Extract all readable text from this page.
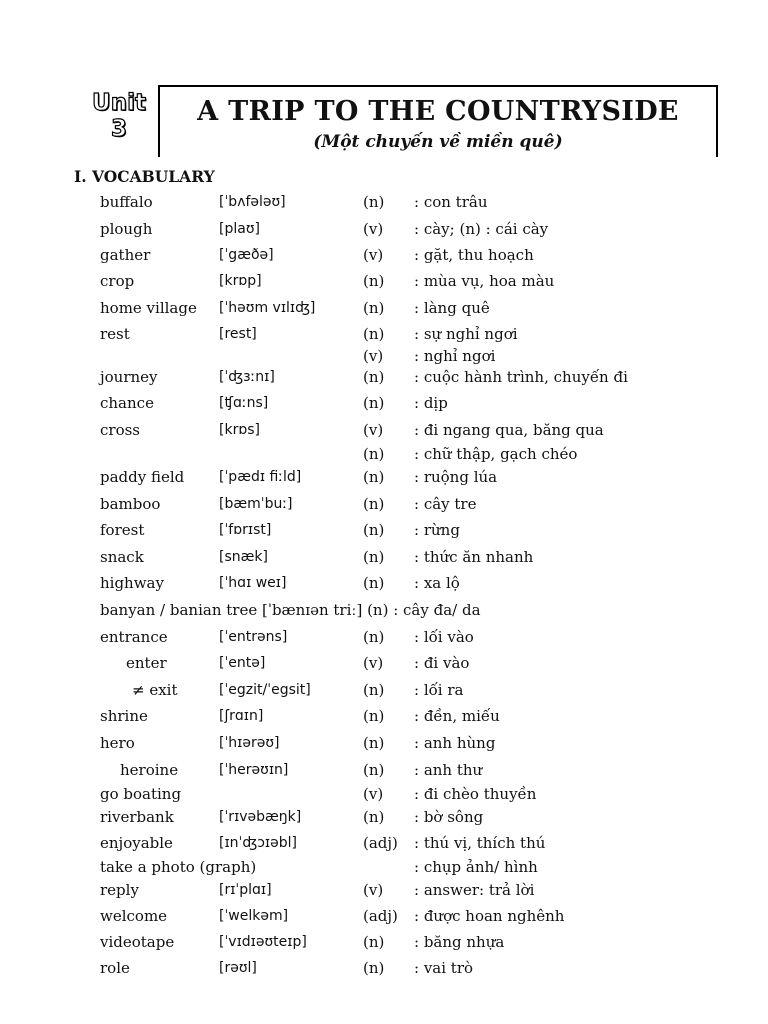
Unit
3
A TRIP TO THE COUNTRYSIDE
(Một chuyến về miền quê)
I. VOCABULARY
buffalo	[ˈbʌfələʊ]	(n) : con trâu
plough	[plaʊ]	(v) : cày; (n) : cái cày
gather	[ˈgæðə]	(v) : gặt, thu hoạch
crop	[krɒp]	(n) : mùa vụ, hoa màu
home village [ˈhəʊm vɪlɪʤ]	(n) : làng quê
rest	[rest]	(n) : sự nghỉ ngơi
(v) : nghỉ ngơi
journey	[ˈʤɜːnɪ]	(n) : cuộc hành trình, chuyến đi
chance	[ʧɑːns]	(n) : dịp
cross	[krɒs]	(v) : đi ngang qua, băng qua
(n) : chữ thập, gạch chéo
paddy field [ˈpædɪ fiːld]	(n) : ruộng lúa
bamboo	[bæmˈbuː]	(n) : cây tre
forest	[ˈfɒrɪst]	(n) : rừng
snack	[snæk]	(n) : thức ăn nhanh
highway	[ˈhɑɪ weɪ]	(n) : xa lộ
banyan / banian tree [ˈbænɪən triː] (n) : cây đa/ da
entrance	[ˈentrəns]	(n) : lối vào
enter	[ˈentə]	(v) : đi vào
≠ exit	[ˈegzit/ˈegsit]	(n) : lối ra
shrine	[ʃrɑɪn]	(n) : đền, miếu
hero	[ˈhɪərəʊ]	(n) : anh hùng
heroine	[ˈherəʊɪn]	(n) : anh thư
go boating	(v) : đi chèo thuyền
riverbank	[ˈrɪvəbæŋk]	(n) : bờ sông
enjoyable	[ɪnˈʤɔɪəbl]	(adj) : thú vị, thích thú
take a photo (graph)	: chụp ảnh/ hình
reply	[rɪˈplɑɪ]	(v) : answer: trả lời
welcome	[ˈwelkəm]	(adj) : được hoan nghênh
videotape	[ˈvɪdɪəʊteɪp]	(n) : băng nhựa
role	[rəʊl]	(n) : vai trò
